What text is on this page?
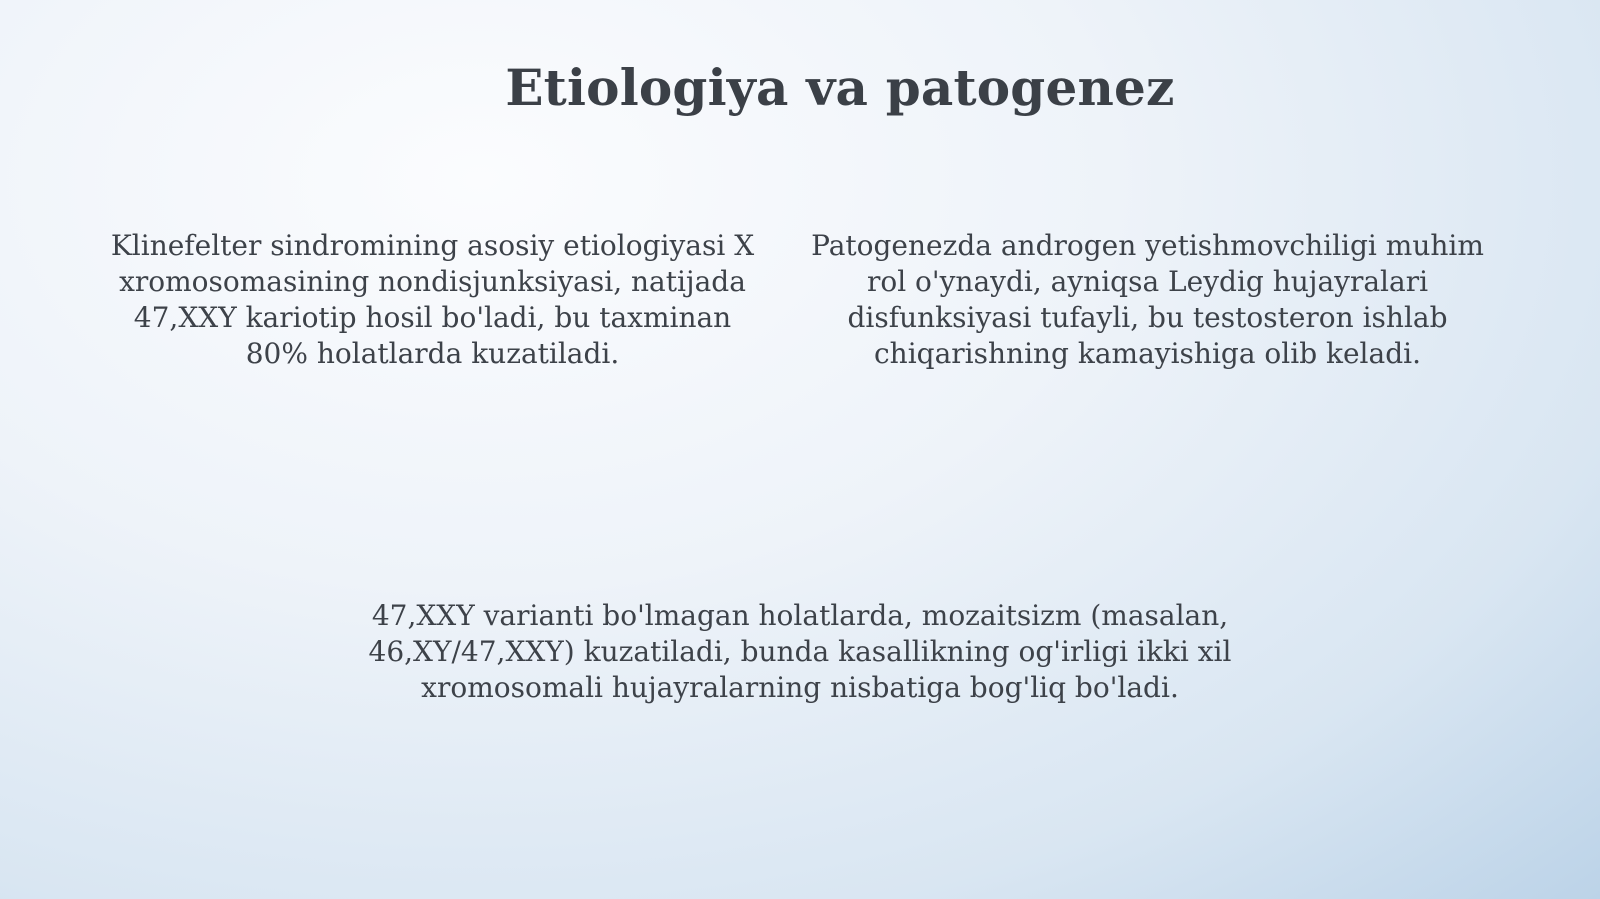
Etiologiya va patogenez

Klinefelter sindromining asosiy etiologiyasi X xromosomasining nondisjunksiyasi, natijada 47,XXY kariotip hosil bo'ladi, bu taxminan 80% holatlarda kuzatiladi.

Patogenezda androgen yetishmovchiligi muhim rol o'ynaydi, ayniqsa Leydig hujayralari disfunksiyasi tufayli, bu testosteron ishlab chiqarishning kamayishiga olib keladi.

47,XXY varianti bo'lmagan holatlarda, mozaitsizm (masalan, 46,XY/47,XXY) kuzatiladi, bunda kasallikning og'irligi ikki xil xromosomali hujayralarning nisbatiga bog'liq bo'ladi.
